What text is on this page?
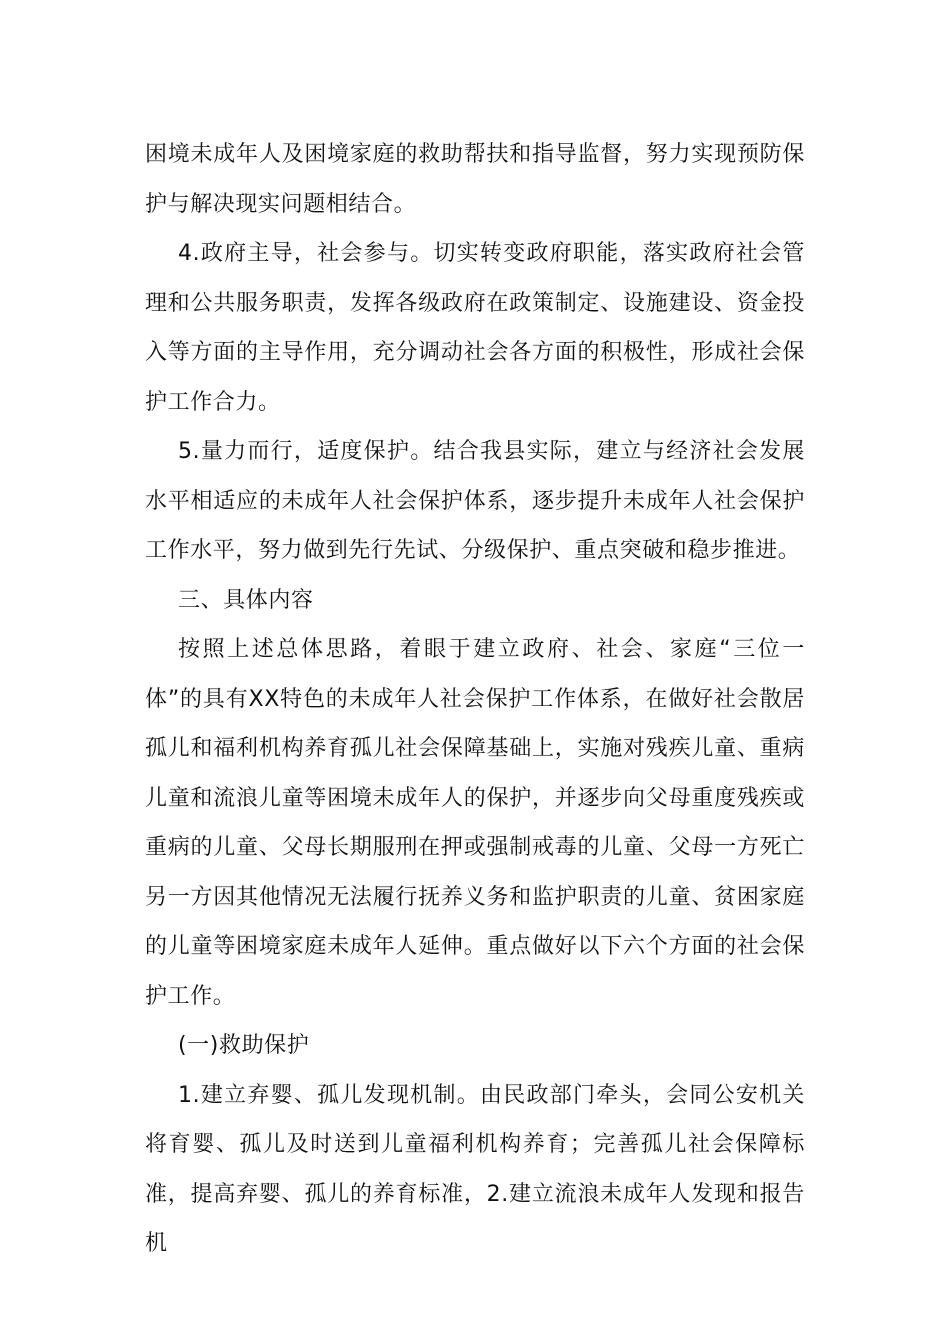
困境未成年人及困境家庭的救助帮扶和指导监督，努力实现预防保护与解决现实问题相结合。

4.政府主导，社会参与。切实转变政府职能，落实政府社会管理和公共服务职责，发挥各级政府在政策制定、设施建设、资金投入等方面的主导作用，充分调动社会各方面的积极性，形成社会保护工作合力。

5.量力而行，适度保护。结合我县实际，建立与经济社会发展水平相适应的未成年人社会保护体系，逐步提升未成年人社会保护工作水平，努力做到先行先试、分级保护、重点突破和稳步推进。

三、具体内容

按照上述总体思路，着眼于建立政府、社会、家庭“三位一体”的具有XX特色的未成年人社会保护工作体系，在做好社会散居孤儿和福利机构养育孤儿社会保障基础上，实施对残疾儿童、重病儿童和流浪儿童等困境未成年人的保护，并逐步向父母重度残疾或重病的儿童、父母长期服刑在押或强制戒毒的儿童、父母一方死亡另一方因其他情况无法履行抚养义务和监护职责的儿童、贫困家庭的儿童等困境家庭未成年人延伸。重点做好以下六个方面的社会保护工作。

(一)救助保护

1.建立弃婴、孤儿发现机制。由民政部门牵头，会同公安机关将育婴、孤儿及时送到儿童福利机构养育；完善孤儿社会保障标准，提高弃婴、孤儿的养育标准，2.建立流浪未成年人发现和报告机
